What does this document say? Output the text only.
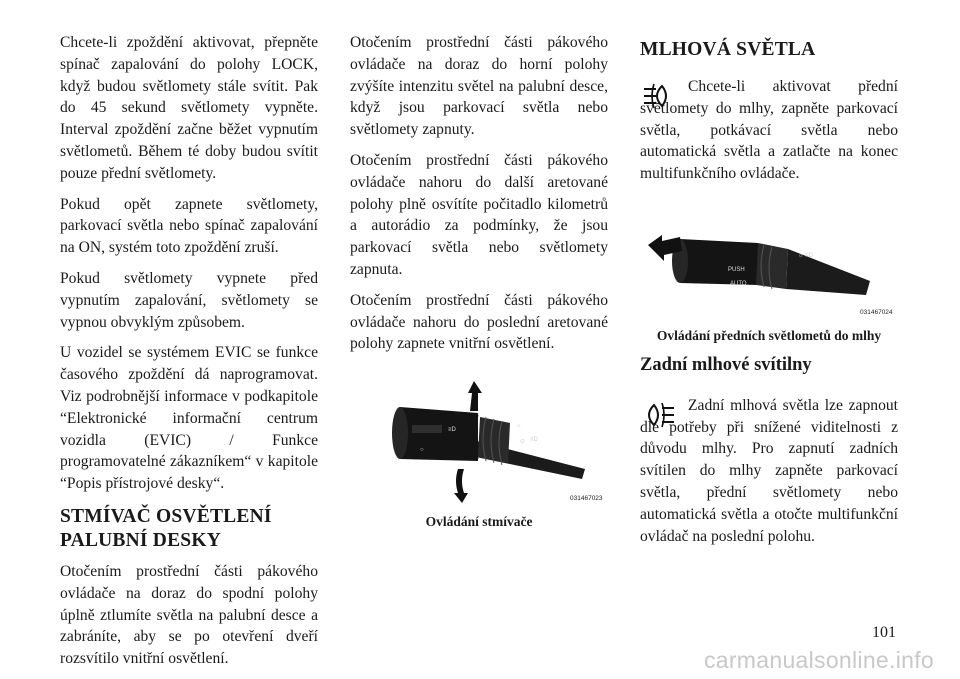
Chcete-li zpoždění aktivovat, přepněte spínač zapalování do polohy LOCK, když budou světlomety stále svítit. Pak do 45 sekund světlomety vypněte. Interval zpoždění začne běžet vypnutím světlometů. Během té doby budou svítit pouze přední světlomety.

Pokud opět zapnete světlomety, parkovací světla nebo spínač zapalování na ON, systém toto zpoždění zruší.

Pokud světlomety vypnete před vypnutím zapalování, světlomety se vypnou obvyklým způsobem.

U vozidel se systémem EVIC se funkce časového zpoždění dá naprogramovat. Viz podrobnější informace v podkapitole “Elektronické informační centrum vozidla (EVIC) / Funkce programovatelné zákazníkem“ v kapitole “Popis přístrojové desky“.

STMÍVAČ OSVĚTLENÍ PALUBNÍ DESKY

Otočením prostřední části pákového ovládače na doraz do spodní polohy úplně ztlumíte světla na palubní desce a zabráníte, aby se po otevření dveří rozsvítilo vnitřní osvětlení.

Otočením prostřední části pákového ovládače na doraz do horní polohy zvýšíte intenzitu světel na palubní desce, když jsou parkovací světla nebo světlomety zapnuty.

Otočením prostřední části pákového ovládače nahoru do další aretované polohy plně osvítíte počitadlo kilometrů a autorádio za podmínky, že jsou parkovací světla nebo světlomety zapnuta.

Otočením prostřední části pákového ovládače nahoru do poslední aretované polohy zapnete vnitřní osvětlení.

≡D
○
⊙ ≡D
☼
031467023

Ovládání stmívače

MLHOVÁ SVĚTLA

Chcete-li aktivovat přední světlomety do mlhy, zapněte parkovací světla, potkávací světla nebo automatická světla a zatlačte na konec multifunkčního ovládače.

PUSH
AUTO
☼ ≡D
031467024

Ovládání předních světlometů do mlhy

Zadní mlhové svítilny

Zadní mlhová světla lze zapnout dle potřeby při snížené viditelnosti z důvodu mlhy. Pro zapnutí zadních svítilen do mlhy zapněte parkovací světla, přední světlomety nebo automatická světla a otočte multifunkční ovládač na poslední polohu.

101
carmanualsonline.info
